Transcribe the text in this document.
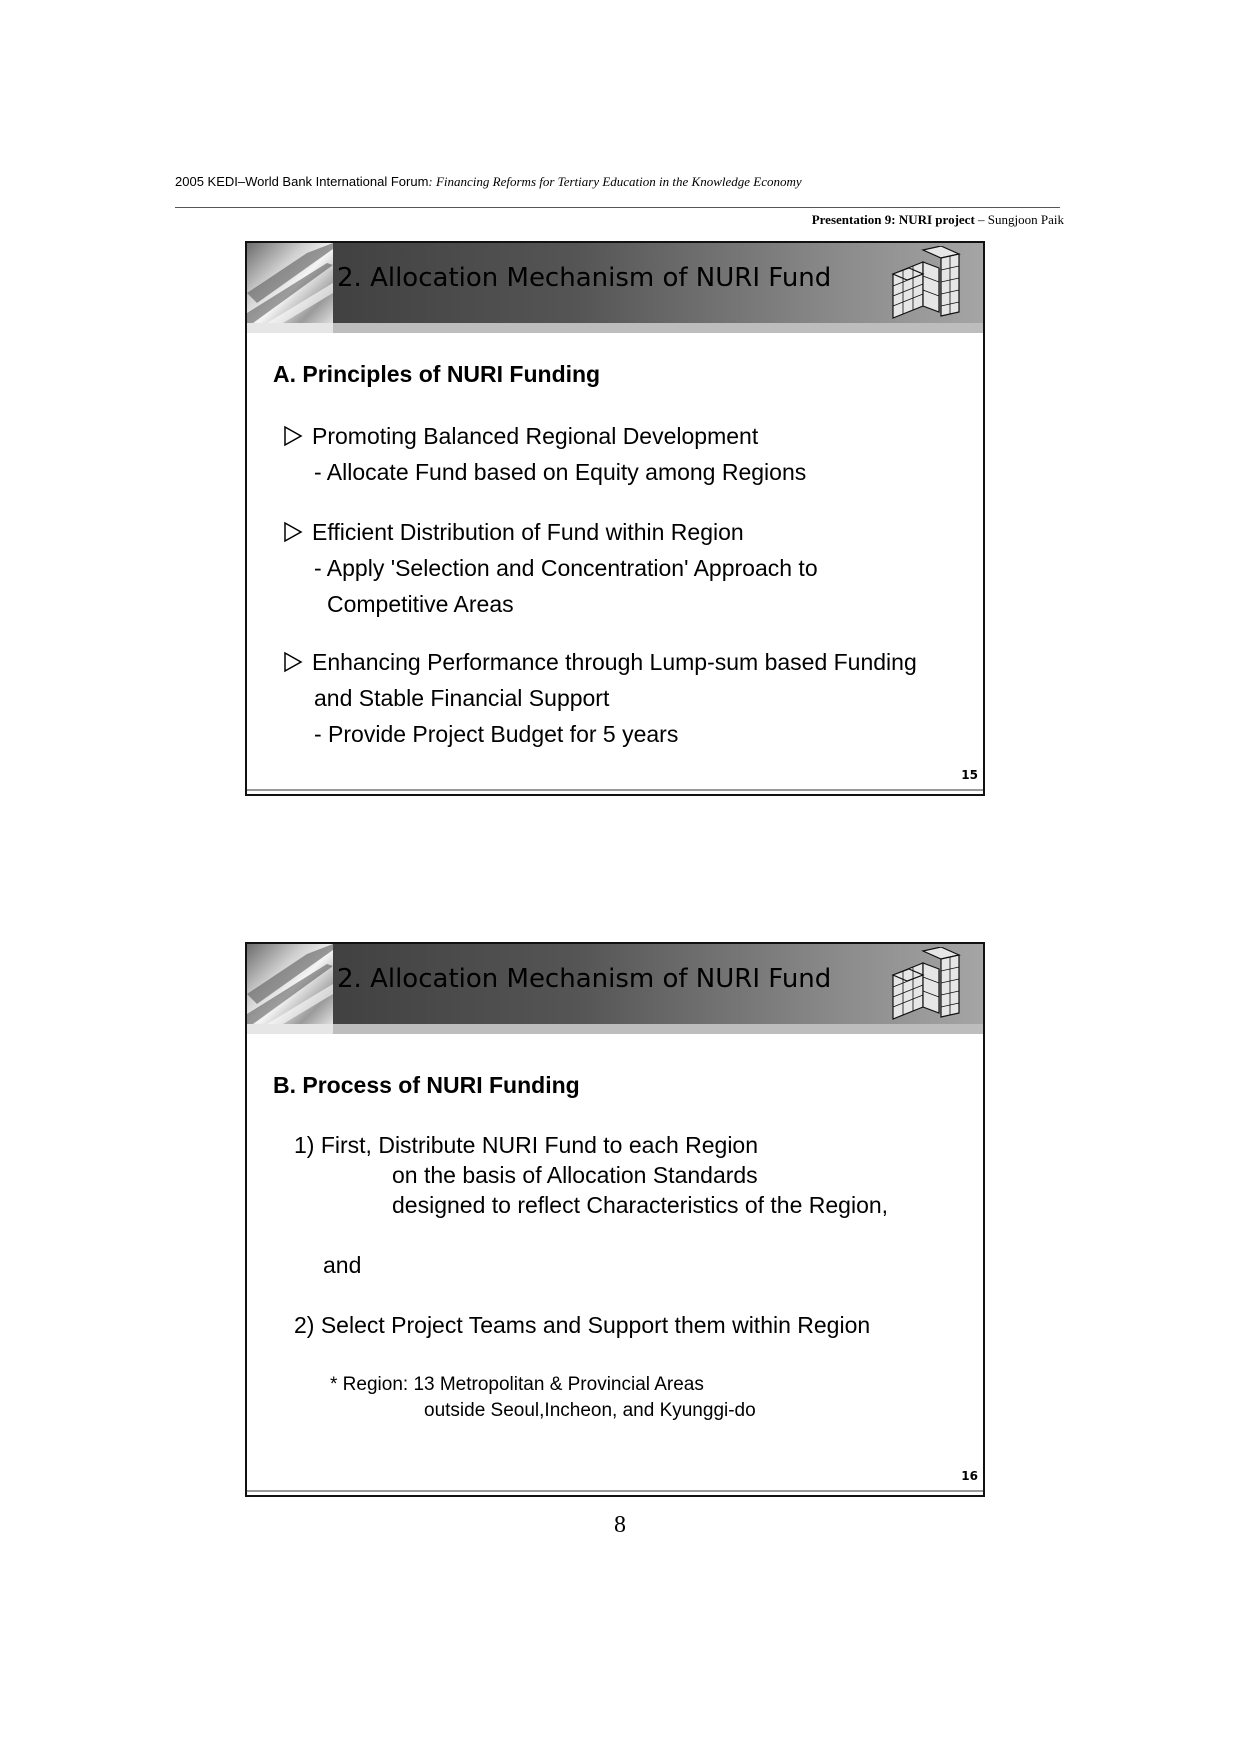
2005 KEDI–World Bank International Forum: Financing Reforms for Tertiary Education in the Knowledge Economy
Presentation 9: NURI project – Sungjoon Paik
2. Allocation Mechanism of NURI Fund
A. Principles of NURI Funding
Promoting Balanced Regional Development
- Allocate Fund based on Equity among Regions
Efficient Distribution of Fund within Region
- Apply 'Selection and Concentration' Approach to
Competitive Areas
Enhancing Performance through Lump-sum based Funding
and Stable Financial Support
- Provide Project Budget for 5 years
15
2. Allocation Mechanism of NURI Fund
B. Process of NURI Funding
1) First, Distribute NURI Fund to each Region
on the basis of Allocation Standards
designed to reflect Characteristics of the Region,
and
2) Select Project Teams and Support them within Region
* Region: 13 Metropolitan & Provincial Areas
outside Seoul,Incheon, and Kyunggi-do
16
8
